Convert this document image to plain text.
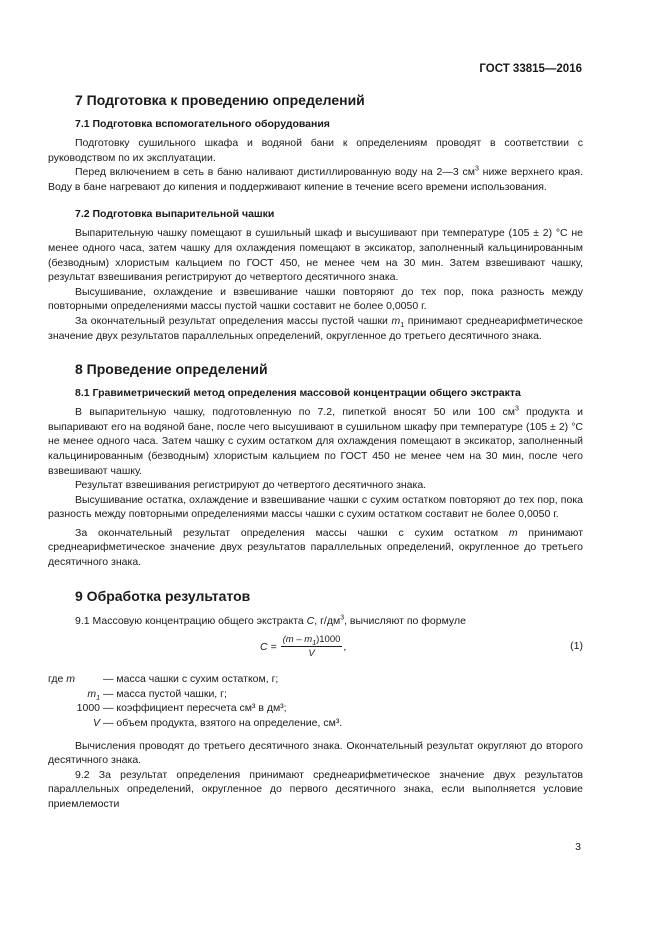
ГОСТ 33815—2016
7 Подготовка к проведению определений
7.1 Подготовка вспомогательного оборудования

Подготовку сушильного шкафа и водяной бани к определениям проводят в соответствии с руководством по их эксплуатации.

Перед включением в сеть в баню наливают дистиллированную воду на 2—3 $см^3$ ниже верхнего края. Воду в бане нагревают до кипения и поддерживают кипение в течение всего времени использования.

7.2 Подготовка выпарительной чашки

Выпарительную чашку помещают в сушильный шкаф и высушивают при температуре (105 ± 2) °С не менее одного часа, затем чашку для охлаждения помещают в эксикатор, заполненный кальцинированным (безводным) хлористым кальцием по ГОСТ 450, не менее чем на 30 мин. Затем взвешивают чашку, результат взвешивания регистрируют до четвертого десятичного знака.

Высушивание, охлаждение и взвешивание чашки повторяют до тех пор, пока разность между повторными определениями массы пустой чашки составит не более 0,0050 г.

За окончательный результат определения массы пустой чашки $m_1$ принимают среднеарифметическое значение двух результатов параллельных определений, округленное до третьего десятичного знака.

8 Проведение определений
8.1 Гравиметрический метод определения массовой концентрации общего экстракта

В выпарительную чашку, подготовленную по 7.2, пипеткой вносят 50 или 100 $см^3$ продукта и выпаривают его на водяной бане, после чего высушивают в сушильном шкафу при температуре (105 ± 2) °С не менее одного часа. Затем чашку с сухим остатком для охлаждения помещают в эксикатор, заполненный кальцинированным (безводным) хлористым кальцием по ГОСТ 450 не менее чем на 30 мин, после чего взвешивают чашку.

Результат взвешивания регистрируют до четвертого десятичного знака.

Высушивание остатка, охлаждение и взвешивание чашки с сухим остатком повторяют до тех пор, пока разность между повторными определениями массы чашки с сухим остатком составит не более 0,0050 г.

За окончательный результат определения массы чашки с сухим остатком m принимают среднеарифметическое значение двух результатов параллельных определений, округленное до третьего десятичного знака.

9 Обработка результатов

9.1 Массовую концентрацию общего экстракта C, $г/дм^3$, вычисляют по формуле

$C = \frac{(m - m_1)1000}{V}$ ,	(1)
где m	— масса чашки с сухим остатком, г;
$m_1$ — масса пустой чашки, г;
1000 — коэффициент пересчета см³ в дм³;
V — объем продукта, взятого на определение, см³.

Вычисления проводят до третьего десятичного знака. Окончательный результат округляют до второго десятичного знака.

9.2 За результат определения принимают среднеарифметическое значение двух результатов параллельных определений, округленное до первого десятичного знака, если выполняется условие приемлемости

3
